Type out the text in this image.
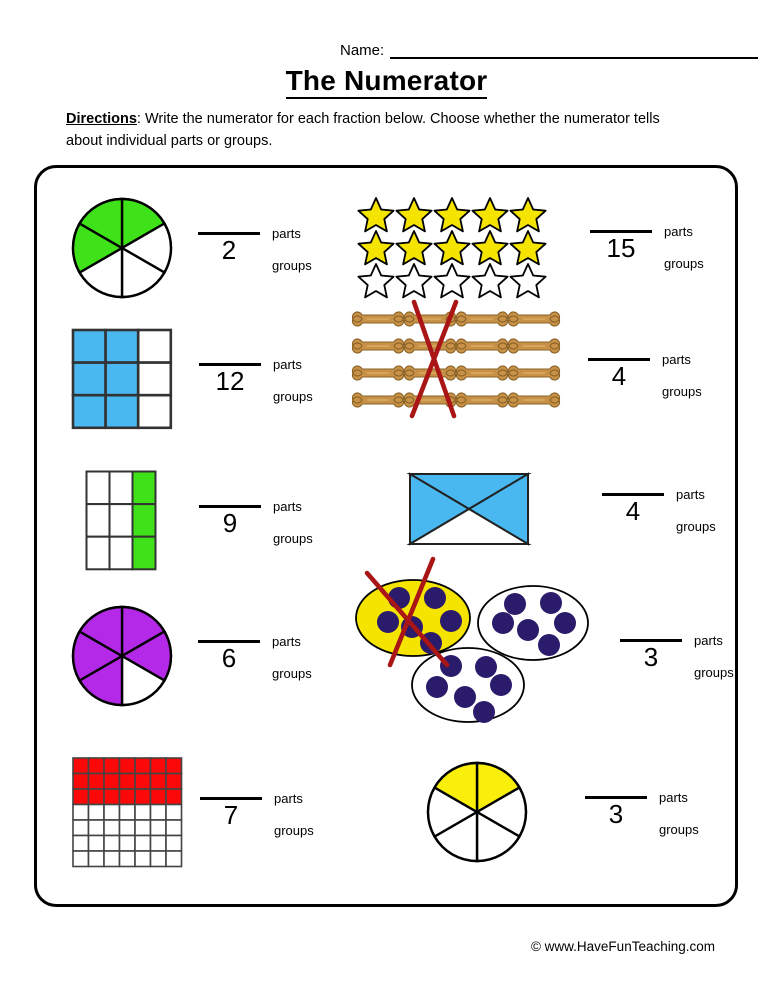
Name:
The Numerator
Directions: Write the numerator for each fraction below. Choose whether the numerator tells about individual parts or groups.
2
parts
groups
15
parts
groups
12
parts
groups
4
parts
groups
9
parts
groups
4
parts
groups
6
parts
groups
3
parts
groups
7
parts
groups
3
parts
groups
© www.HaveFunTeaching.com
